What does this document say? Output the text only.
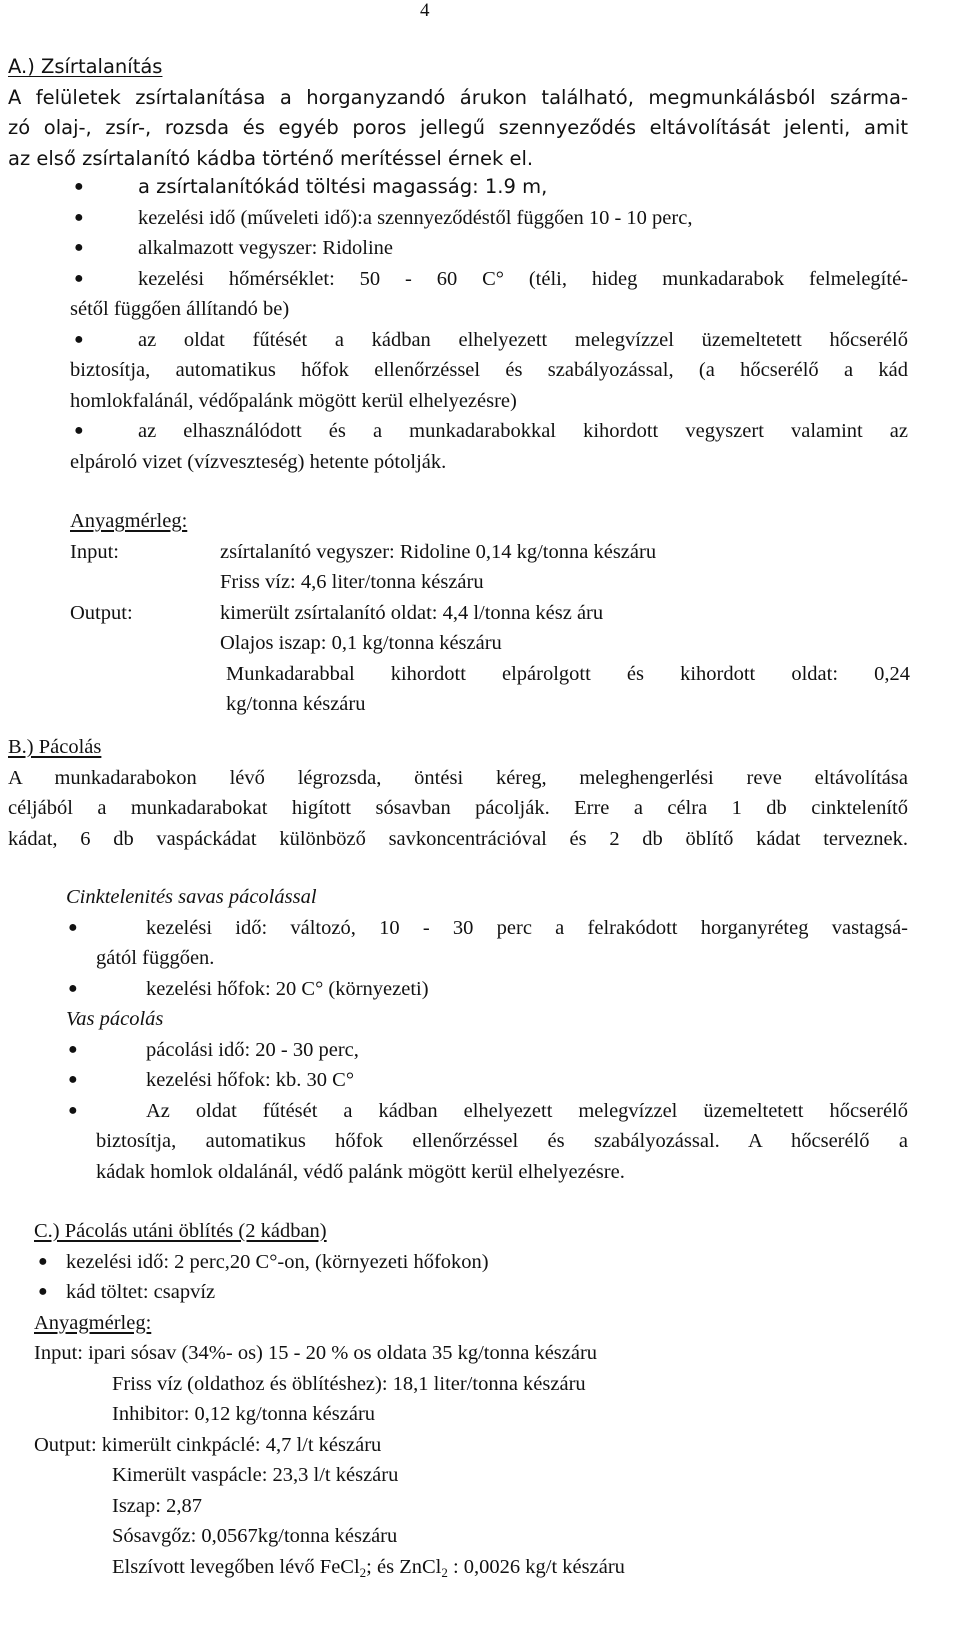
4
A.) Zsírtalanítás
A felületek zsírtalanítása a horganyzandó árukon található, megmunkálásból szárma-
zó olaj-, zsír-, rozsda és egyéb poros jellegű szennyeződés eltávolítását jelenti, amit
az első zsírtalanító kádba történő merítéssel érnek el.
●	a zsírtalanítókád töltési magasság: 1.9 m,
●	kezelési idő (műveleti idő):a szennyeződéstől függően 10 - 10 perc,
●	alkalmazott vegyszer: Ridoline
●	kezelési hőmérséklet: 50 - 60 C° (téli, hideg munkadarabok felmelegíté-
sétől függően állítandó be)
●	az oldat fűtését a kádban elhelyezett melegvízzel üzemeltetett hőcserélő
biztosítja, automatikus hőfok ellenőrzéssel és szabályozással, (a hőcserélő a kád
homlokfalánál, védőpalánk mögött kerül elhelyezésre)
●	az elhasználódott és a munkadarabokkal kihordott vegyszert valamint az
elpároló vizet (vízveszteség) hetente pótolják.
Anyagmérleg:
Input:	zsírtalanító vegyszer: Ridoline 0,14 kg/tonna készáru
Friss víz: 4,6 liter/tonna készáru
Output:	kimerült zsírtalanító oldat: 4,4 l/tonna kész áru
Olajos iszap: 0,1 kg/tonna készáru
Munkadarabbal kihordott elpárolgott és kihordott oldat: 0,24
kg/tonna készáru
B.) Pácolás
A munkadarabokon lévő légrozsda, öntési kéreg, meleghengerlési reve eltávolítása
céljából a munkadarabokat higított sósavban pácolják. Erre a célra 1 db cinktelenítő
kádat, 6 db vaspáckádat különböző savkoncentrációval és 2 db öblítő kádat terveznek.
Cinktelenités savas pácolással
●	kezelési idő: változó, 10 - 30 perc a felrakódott horganyréteg vastagsá-
gától függően.
●	kezelési hőfok: 20 C° (környezeti)
Vas pácolás
●	pácolási idő: 20 - 30 perc,
●	kezelési hőfok: kb. 30 C°
●	Az oldat fűtését a kádban elhelyezett melegvízzel üzemeltetett hőcserélő
biztosítja, automatikus hőfok ellenőrzéssel és szabályozással. A hőcserélő a
kádak homlok oldalánál, védő palánk mögött kerül elhelyezésre.
C.) Pácolás utáni öblítés (2 kádban)
● kezelési idő: 2 perc,20 C°-on, (környezeti hőfokon)
● kád töltet: csapvíz
Anyagmérleg:
Input: ipari sósav (34%- os) 15 - 20 % os oldata 35 kg/tonna készáru
Friss víz (oldathoz és öblítéshez): 18,1 liter/tonna készáru
Inhibitor: 0,12 kg/tonna készáru
Output: kimerült cinkpáclé: 4,7 l/t készáru
Kimerült vaspácle: 23,3 l/t készáru
Iszap: 2,87
Sósavgőz: 0,0567kg/tonna készáru
Elszívott levegőben lévő FeCl$_2$; és ZnCl$_2$ : 0,0026 kg/t készáru
